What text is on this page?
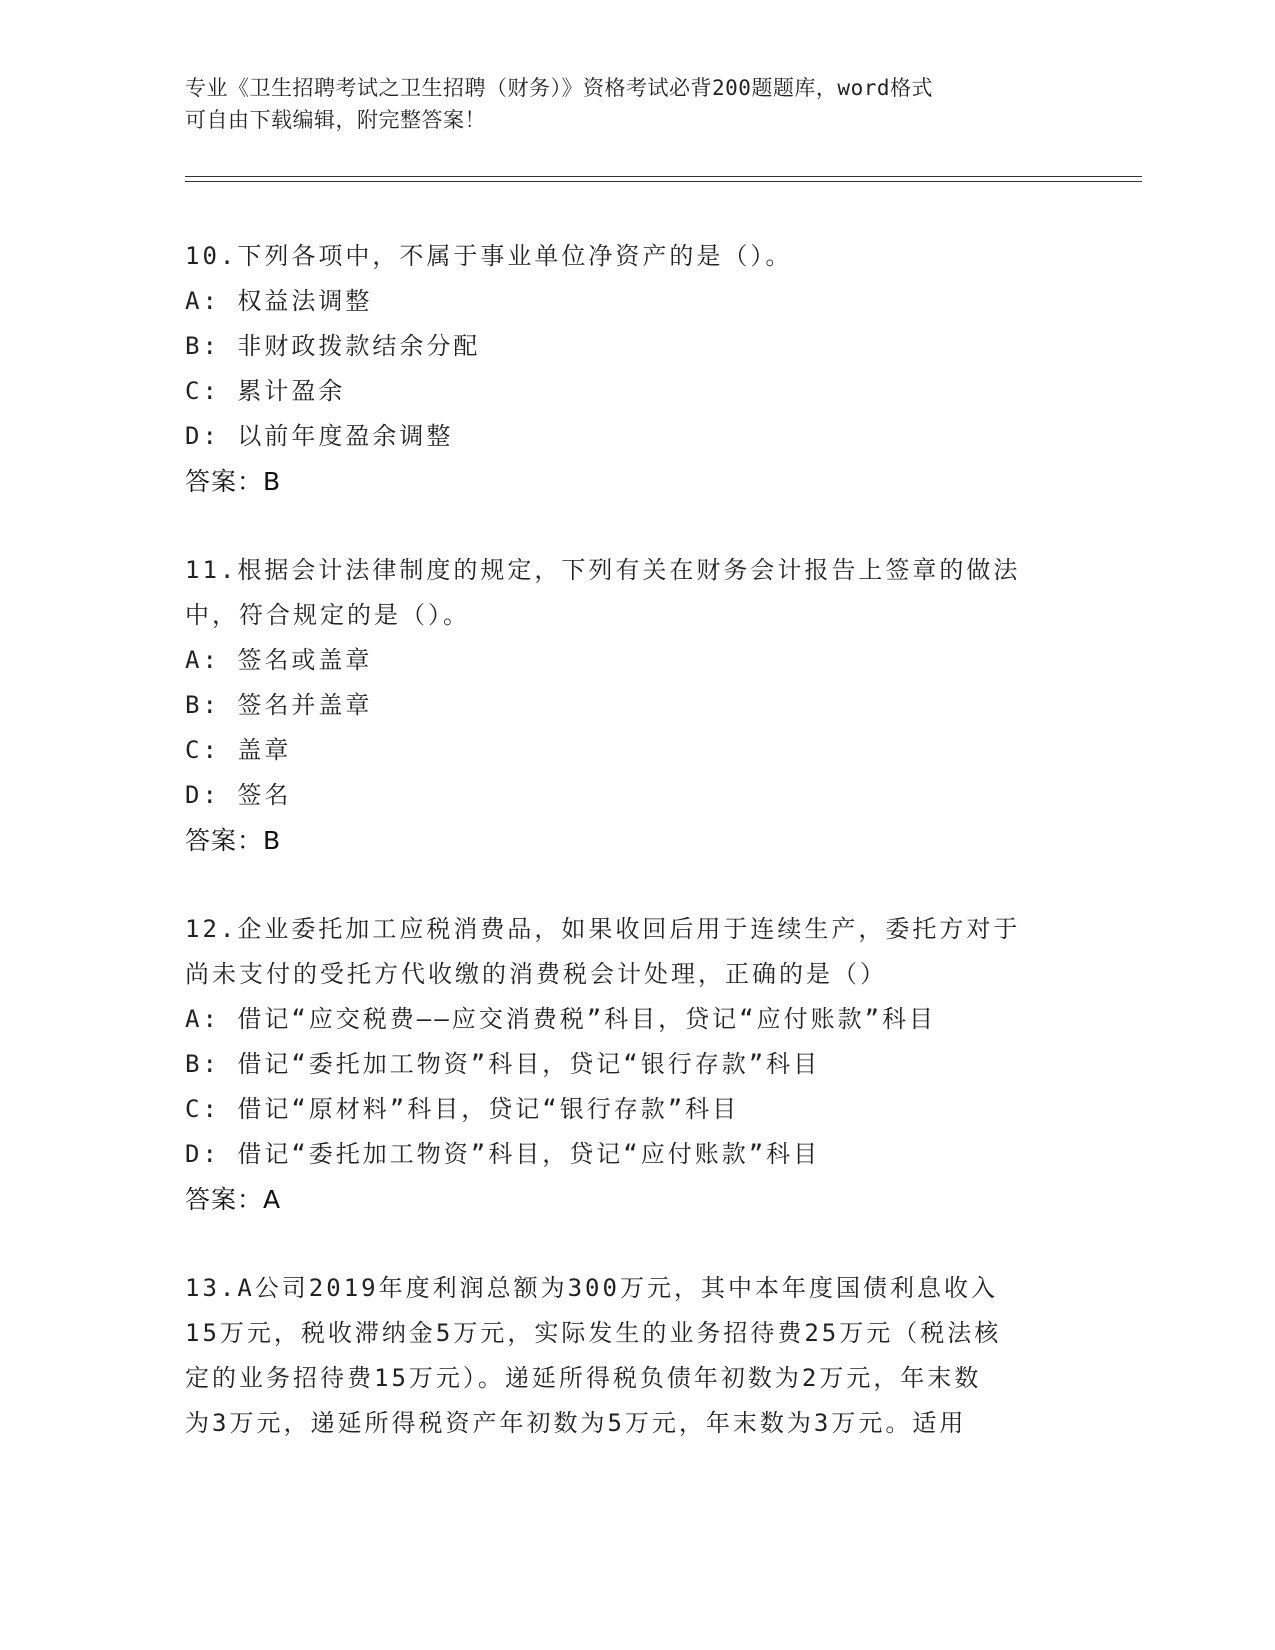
专业《卫生招聘考试之卫生招聘（财务）》资格考试必背200题题库，word格式
可自由下载编辑，附完整答案！

10.下列各项中，不属于事业单位净资产的是（）。

A: 权益法调整

B: 非财政拨款结余分配

C: 累计盈余

D: 以前年度盈余调整

答案：B

11.根据会计法律制度的规定，下列有关在财务会计报告上签章的做法

中，符合规定的是（）。

A: 签名或盖章

B: 签名并盖章

C: 盖章

D: 签名

答案：B

12.企业委托加工应税消费品，如果收回后用于连续生产，委托方对于

尚未支付的受托方代收缴的消费税会计处理，正确的是（）

A: 借记“应交税费——应交消费税”科目，贷记“应付账款”科目

B: 借记“委托加工物资”科目，贷记“银行存款”科目

C: 借记“原材料”科目，贷记“银行存款”科目

D: 借记“委托加工物资”科目，贷记“应付账款”科目

答案：A

13.A公司2019年度利润总额为300万元，其中本年度国债利息收入

15万元，税收滞纳金5万元，实际发生的业务招待费25万元（税法核

定的业务招待费15万元）。递延所得税负债年初数为2万元，年末数

为3万元，递延所得税资产年初数为5万元，年末数为3万元。适用
